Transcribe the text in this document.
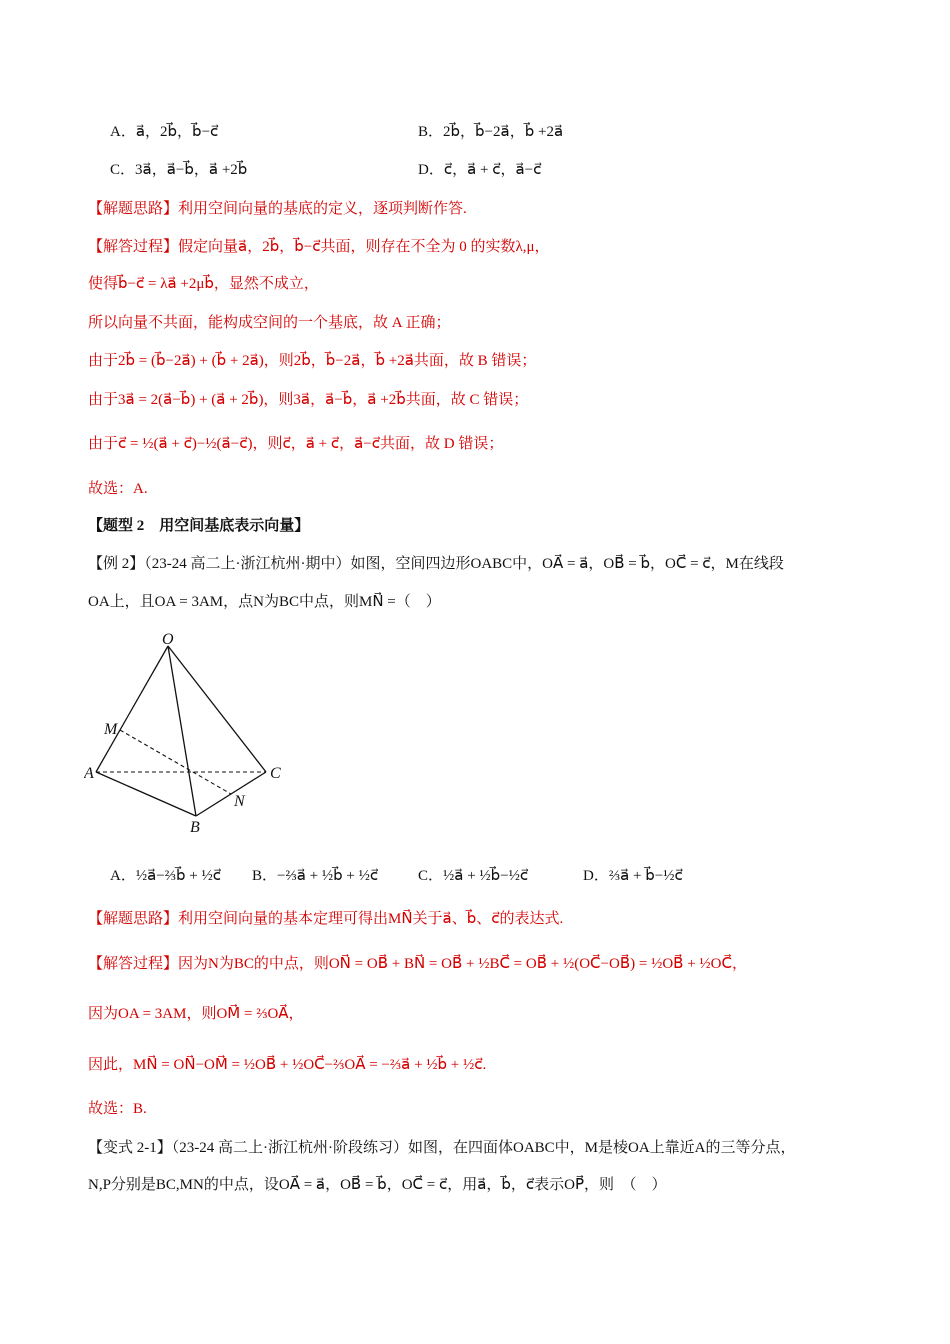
A．a⃗，2b⃗，b⃗−c⃗	B．2b⃗，b⃗−2a⃗，b⃗ +2a⃗
C．3a⃗，a⃗−b⃗，a⃗ +2b⃗	D．c⃗，a⃗ + c⃗，a⃗−c⃗
【解题思路】利用空间向量的基底的定义，逐项判断作答.
【解答过程】假定向量a⃗，2b⃗，b⃗−c⃗共面，则存在不全为 0 的实数λ,μ，
使得b⃗−c⃗ = λa⃗ +2μb⃗，显然不成立，
所以向量不共面，能构成空间的一个基底，故 A 正确；
由于2b⃗ = (b⃗−2a⃗) + (b⃗ + 2a⃗)，则2b⃗，b⃗−2a⃗，b⃗ +2a⃗共面，故 B 错误；
由于3a⃗ = 2(a⃗−b⃗) + (a⃗ + 2b⃗)，则3a⃗，a⃗−b⃗，a⃗ +2b⃗共面，故 C 错误；
由于c⃗ = ½(a⃗ + c⃗)−½(a⃗−c⃗)，则c⃗，a⃗ + c⃗，a⃗−c⃗共面，故 D 错误；
故选：A.
【题型 2　用空间基底表示向量】
【例 2】（23-24 高二上·浙江杭州·期中）如图，空间四边形OABC中，OA⃗ = a⃗，OB⃗ = b⃗，OC⃗ = c⃗，M在线段
OA上，且OA = 3AM，点N为BC中点，则MN⃗ =（　）
O
M
A	C
N
B
A．½a⃗−⅔b⃗ + ½c⃗ B．−⅔a⃗ + ½b⃗ + ½c⃗	C．½a⃗ + ½b⃗−½c⃗	D．⅔a⃗ + b⃗−½c⃗
【解题思路】利用空间向量的基本定理可得出MN⃗关于a⃗、b⃗、c⃗的表达式.
【解答过程】因为N为BC的中点，则ON⃗ = OB⃗ + BN⃗ = OB⃗ + ½BC⃗ = OB⃗ + ½(OC⃗−OB⃗) = ½OB⃗ + ½OC⃗，
因为OA = 3AM，则OM⃗ = ⅔OA⃗，
因此，MN⃗ = ON⃗−OM⃗ = ½OB⃗ + ½OC⃗−⅔OA⃗ = −⅔a⃗ + ½b⃗ + ½c⃗.
故选：B.
【变式 2-1】（23-24 高二上·浙江杭州·阶段练习）如图，在四面体OABC中，M是棱OA上靠近A的三等分点，
N,P分别是BC,MN的中点，设OA⃗ = a⃗，OB⃗ = b⃗，OC⃗ = c⃗，用a⃗，b⃗，c⃗表示OP⃗，则　（　）
